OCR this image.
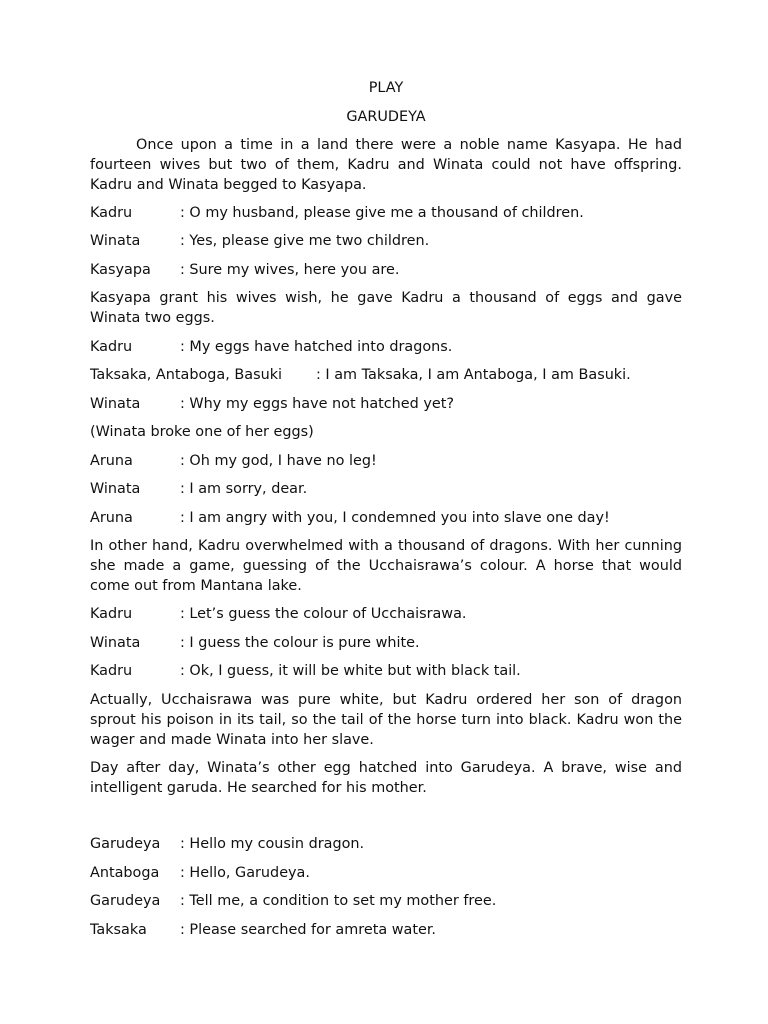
PLAY
GARUDEYA

Once upon a time in a land there were a noble name Kasyapa. He had fourteen wives but two of them, Kadru and Winata could not have offspring. Kadru and Winata begged to Kasyapa.

Kadru	: O my husband, please give me a thousand of children.
Winata	: Yes, please give me two children.
Kasyapa : Sure my wives, here you are.

Kasyapa grant his wives wish, he gave Kadru a thousand of eggs and gave Winata two eggs.

Kadru	: My eggs have hatched into dragons.
Taksaka, Antaboga, Basuki : I am Taksaka, I am Antaboga, I am Basuki.
Winata	: Why my eggs have not hatched yet?
(Winata broke one of her eggs)
Aruna	: Oh my god, I have no leg!
Winata	: I am sorry, dear.
Aruna	: I am angry with you, I condemned you into slave one day!

In other hand, Kadru overwhelmed with a thousand of dragons. With her cunning she made a game, guessing of the Ucchaisrawa’s colour. A horse that would come out from Mantana lake.

Kadru	: Let’s guess the colour of Ucchaisrawa.
Winata	: I guess the colour is pure white.
Kadru	: Ok, I guess, it will be white but with black tail.

Actually, Ucchaisrawa was pure white, but Kadru ordered her son of dragon sprout his poison in its tail, so the tail of the horse turn into black. Kadru won the wager and made Winata into her slave.

Day after day, Winata’s other egg hatched into Garudeya. A brave, wise and intelligent garuda. He searched for his mother.

Garudeya : Hello my cousin dragon.
Antaboga : Hello, Garudeya.
Garudeya : Tell me, a condition to set my mother free.
Taksaka : Please searched for amreta water.
